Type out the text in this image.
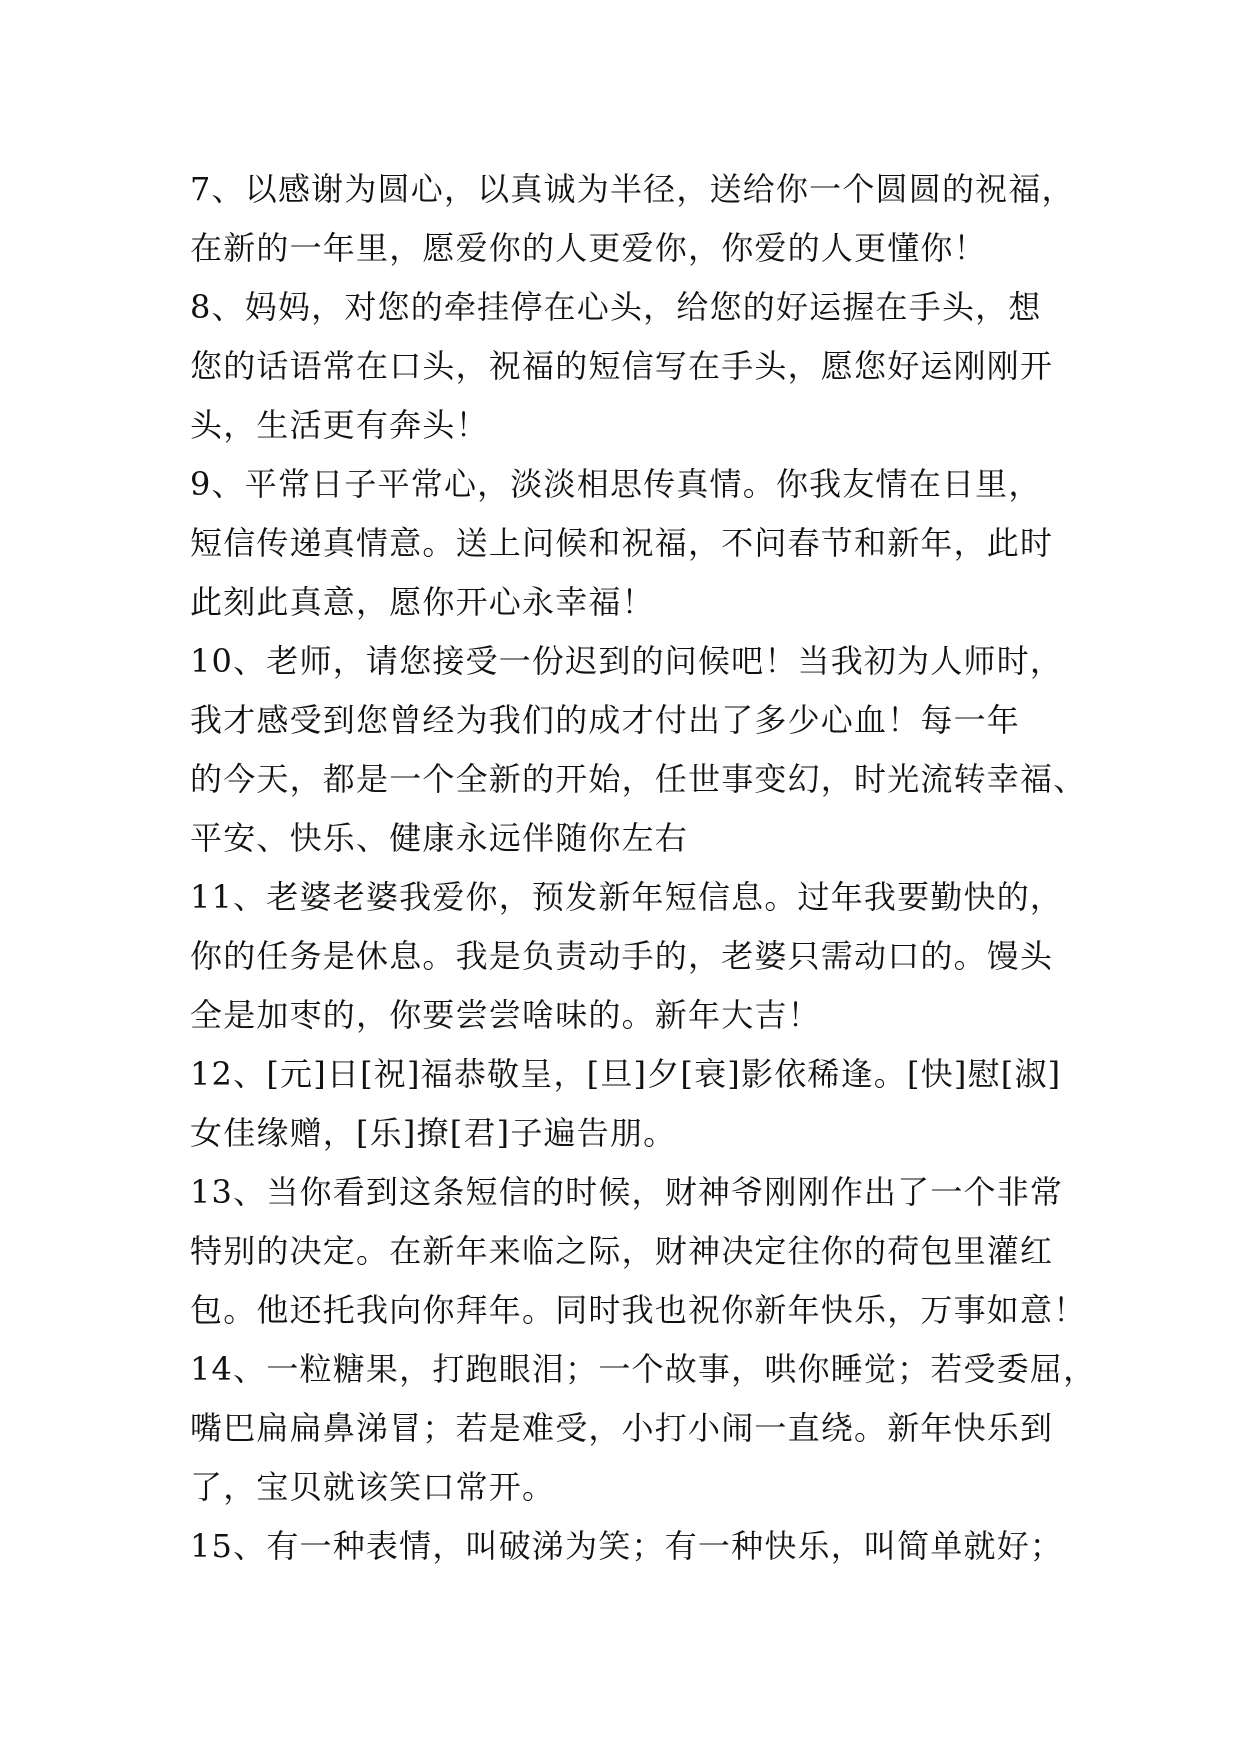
7、以感谢为圆心，以真诚为半径，送给你一个圆圆的祝福，
在新的一年里，愿爱你的人更爱你，你爱的人更懂你！
8、妈妈，对您的牵挂停在心头，给您的好运握在手头，想
您的话语常在口头，祝福的短信写在手头，愿您好运刚刚开
头，生活更有奔头！
9、平常日子平常心，淡淡相思传真情。你我友情在日里，
短信传递真情意。送上问候和祝福，不问春节和新年，此时
此刻此真意，愿你开心永幸福！
10、老师，请您接受一份迟到的问候吧！当我初为人师时，
我才感受到您曾经为我们的成才付出了多少心血！每一年
的今天，都是一个全新的开始，任世事变幻，时光流转幸福、
平安、快乐、健康永远伴随你左右
11、老婆老婆我爱你，预发新年短信息。过年我要勤快的，
你的任务是休息。我是负责动手的，老婆只需动口的。馒头
全是加枣的，你要尝尝啥味的。新年大吉！
12、[元]日[祝]福恭敬呈，[旦]夕[衰]影依稀逢。[快]慰[淑]
女佳缘赠，[乐]撩[君]子遍告朋。
13、当你看到这条短信的时候，财神爷刚刚作出了一个非常
特别的决定。在新年来临之际，财神决定往你的荷包里灌红
包。他还托我向你拜年。同时我也祝你新年快乐，万事如意！
14、一粒糖果，打跑眼泪；一个故事，哄你睡觉；若受委屈，
嘴巴扁扁鼻涕冒；若是难受，小打小闹一直绕。新年快乐到
了，宝贝就该笑口常开。
15、有一种表情，叫破涕为笑；有一种快乐，叫简单就好；
